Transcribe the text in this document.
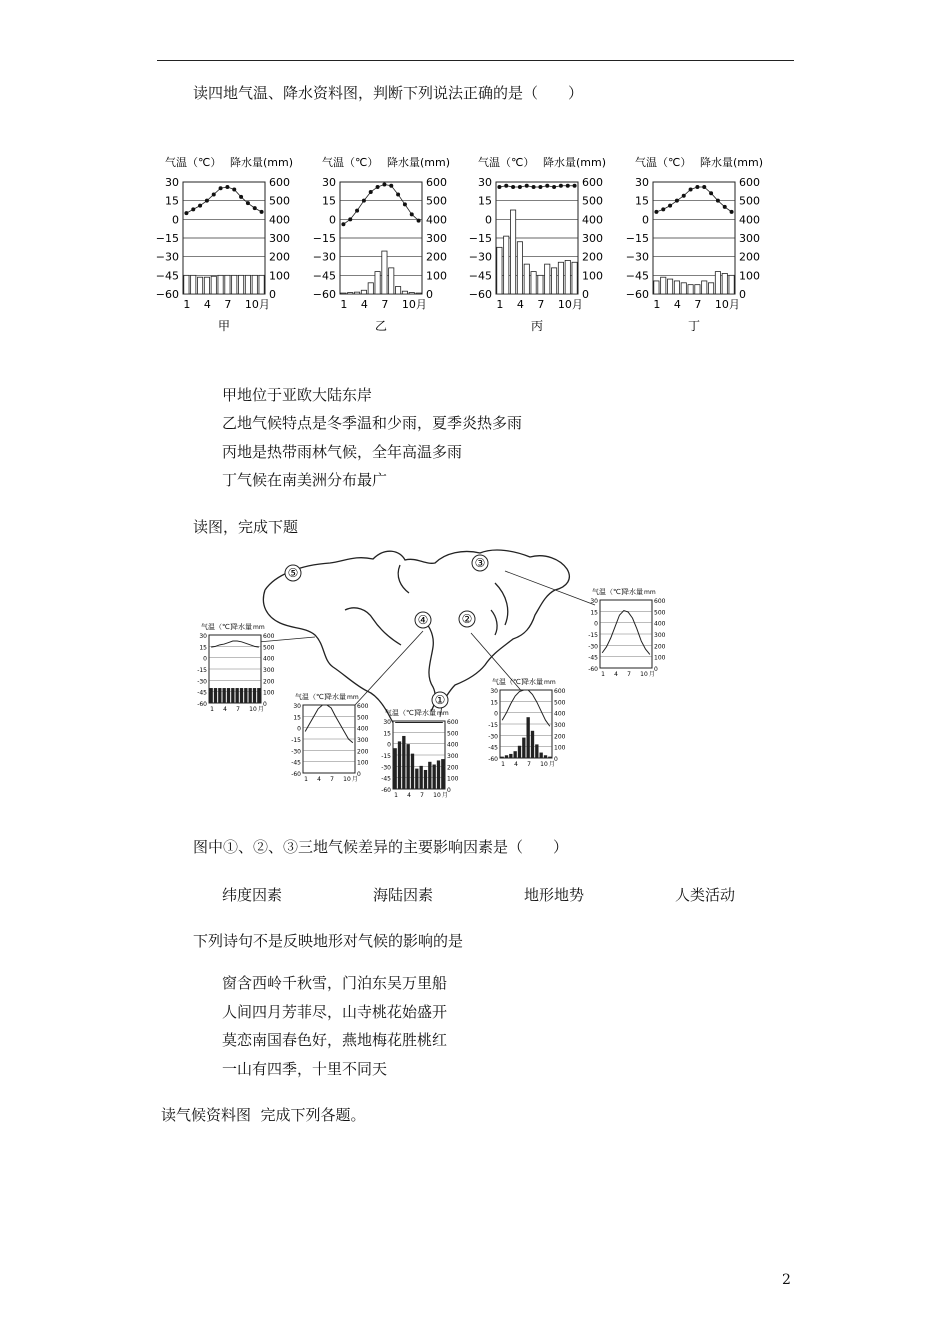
读四地气温、降水资料图，判断下列说法正确的是（　　）
气温（℃） 降水量(mm)
30
15
0
−15
−30
−45
−60
600
500
400
300
200
100
0
1 4 7 10月
甲
气温（℃） 降水量(mm)
30
15
0
−15
−30
−45
−60
600
500
400
300
200
100
0
1 4 7 10月
乙
气温（℃） 降水量(mm)
30
15
0
−15
−30
−45
−60
600
500
400
300
200
100
0
1 4 7 10月
丙
气温（℃） 降水量(mm)
30
15
0
−15
−30
−45
−60
600
500
400
300
200
100
0
1 4 7 10月
丁
甲地位于亚欧大陆东岸
乙地气候特点是冬季温和少雨，夏季炎热多雨
丙地是热带雨林气候，全年高温多雨
丁气候在南美洲分布最广
读图，完成下题
①
②
③
④
⑤
气温（℃）
降水量 mm
30
15
0
-15
-30
-45
-60
600
500
400
300
200
100
0
1 4 7 10 月
气温（℃）
降水量 mm
30
15
0
-15
-30
-45
-60
600
500
400
300
200
100
0
1 4 7 10 月
气温（℃）
降水量 mm
30
15
0
-15
-30
-45
-60
600
500
400
300
200
100
0
1 4 7 10 月
气温（℃）
降水量 mm
30
15
0
-15
-30
-45
-60
600
500
400
300
200
100
0
1 4 7 10 月
气温（℃）
降水量 mm
30
15
0
-15
-30
-45
-60
600
500
400
300
200
100
0
1 4 7 10 月
图中①、②、③三地气候差异的主要影响因素是（　　）
纬度因素	海陆因素	地形地势	人类活动
下列诗句不是反映地形对气候的影响的是
窗含西岭千秋雪，门泊东吴万里船
人间四月芳菲尽，山寺桃花始盛开
莫恋南国春色好，燕地梅花胜桃红
一山有四季，十里不同天
读气候资料图  完成下列各题。
2
